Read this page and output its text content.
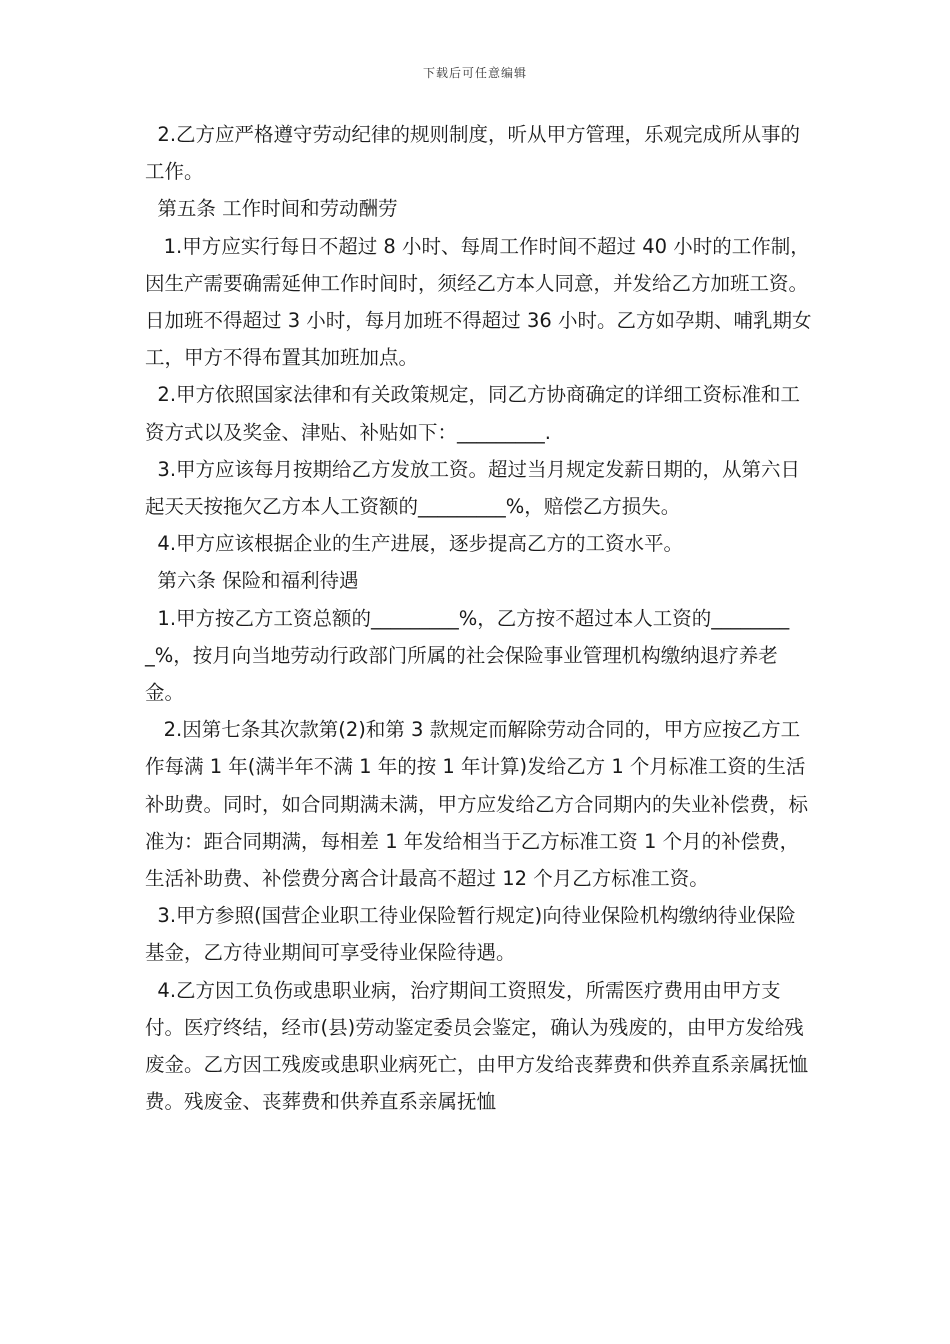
下载后可任意编辑

2.乙方应严格遵守劳动纪律的规则制度，听从甲方管理，乐观完成所从事的工作。

第五条 工作时间和劳动酬劳

1.甲方应实行每日不超过 8 小时、每周工作时间不超过 40 小时的工作制，因生产需要确需延伸工作时间时，须经乙方本人同意，并发给乙方加班工资。日加班不得超过 3 小时，每月加班不得超过 36 小时。乙方如孕期、哺乳期女工，甲方不得布置其加班加点。

2.甲方依照国家法律和有关政策规定，同乙方协商确定的详细工资标准和工资方式以及奖金、津贴、补贴如下：_________.

3.甲方应该每月按期给乙方发放工资。超过当月规定发薪日期的，从第六日起天天按拖欠乙方本人工资额的_________%，赔偿乙方损失。

4.甲方应该根据企业的生产进展，逐步提高乙方的工资水平。

第六条 保险和福利待遇

1.甲方按乙方工资总额的_________%，乙方按不超过本人工资的_________%，按月向当地劳动行政部门所属的社会保险事业管理机构缴纳退疗养老金。

2.因第七条其次款第(2)和第 3 款规定而解除劳动合同的，甲方应按乙方工作每满 1 年(满半年不满 1 年的按 1 年计算)发给乙方 1 个月标准工资的生活补助费。同时，如合同期满未满，甲方应发给乙方合同期内的失业补偿费，标准为：距合同期满，每相差 1 年发给相当于乙方标准工资 1 个月的补偿费，生活补助费、补偿费分离合计最高不超过 12 个月乙方标准工资。

3.甲方参照(国营企业职工待业保险暂行规定)向待业保险机构缴纳待业保险基金，乙方待业期间可享受待业保险待遇。

4.乙方因工负伤或患职业病，治疗期间工资照发，所需医疗费用由甲方支付。医疗终结，经市(县)劳动鉴定委员会鉴定，确认为残废的，由甲方发给残废金。乙方因工残废或患职业病死亡，由甲方发给丧葬费和供养直系亲属抚恤费。残废金、丧葬费和供养直系亲属抚恤
